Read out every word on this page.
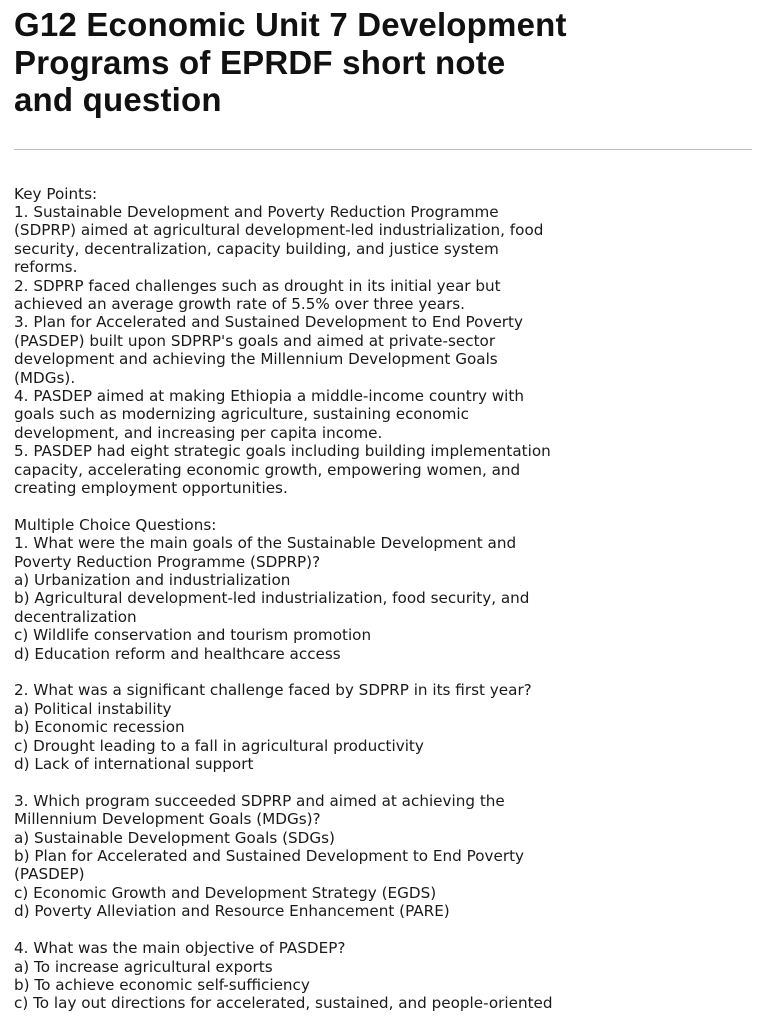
G12 Economic Unit 7 Development
Programs of EPRDF short note
and question
Key Points:
1. Sustainable Development and Poverty Reduction Programme
(SDPRP) aimed at agricultural development-led industrialization, food
security, decentralization, capacity building, and justice system
reforms.
2. SDPRP faced challenges such as drought in its initial year but
achieved an average growth rate of 5.5% over three years.
3. Plan for Accelerated and Sustained Development to End Poverty
(PASDEP) built upon SDPRP's goals and aimed at private-sector
development and achieving the Millennium Development Goals
(MDGs).
4. PASDEP aimed at making Ethiopia a middle-income country with
goals such as modernizing agriculture, sustaining economic
development, and increasing per capita income.
5. PASDEP had eight strategic goals including building implementation
capacity, accelerating economic growth, empowering women, and
creating employment opportunities.
Multiple Choice Questions:
1. What were the main goals of the Sustainable Development and
Poverty Reduction Programme (SDPRP)?
a) Urbanization and industrialization
b) Agricultural development-led industrialization, food security, and
decentralization
c) Wildlife conservation and tourism promotion
d) Education reform and healthcare access
2. What was a significant challenge faced by SDPRP in its first year?
a) Political instability
b) Economic recession
c) Drought leading to a fall in agricultural productivity
d) Lack of international support
3. Which program succeeded SDPRP and aimed at achieving the
Millennium Development Goals (MDGs)?
a) Sustainable Development Goals (SDGs)
b) Plan for Accelerated and Sustained Development to End Poverty
(PASDEP)
c) Economic Growth and Development Strategy (EGDS)
d) Poverty Alleviation and Resource Enhancement (PARE)
4. What was the main objective of PASDEP?
a) To increase agricultural exports
b) To achieve economic self-sufficiency
c) To lay out directions for accelerated, sustained, and people-oriented
